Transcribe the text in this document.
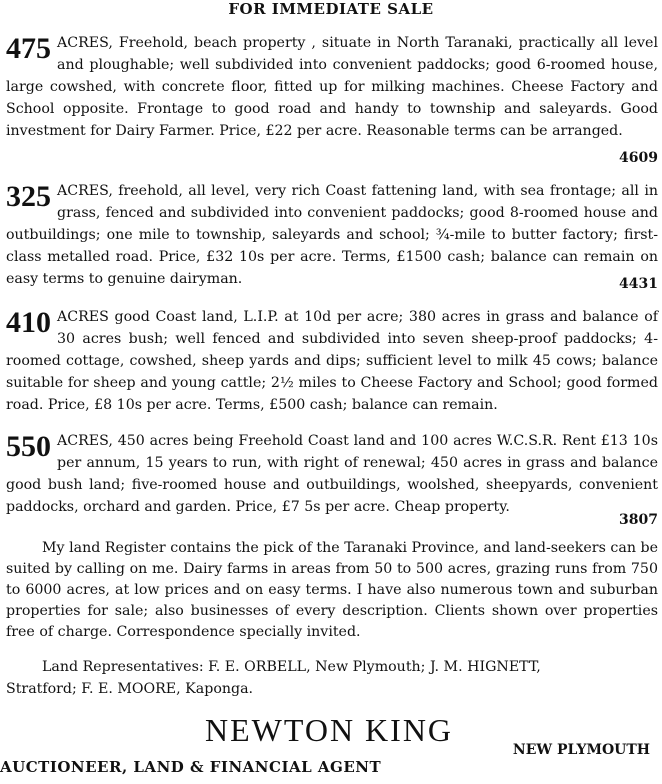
FOR IMMEDIATE SALE
475 ACRES, Freehold, beach property , situate in North Taranaki, practically all level and ploughable; well subdivided into convenient paddocks; good 6-roomed house, large cowshed, with concrete floor, fitted up for milking machines. Cheese Factory and School opposite. Frontage to good road and handy to township and saleyards. Good investment for Dairy Farmer. Price, £22 per acre. Reasonable terms can be arranged.
4609
325 ACRES, freehold, all level, very rich Coast fattening land, with sea frontage; all in grass, fenced and subdivided into convenient paddocks; good 8-roomed house and outbuildings; one mile to township, saleyards and school; ¾-mile to butter factory; first-class metalled road. Price, £32 10s per acre. Terms, £1500 cash; balance can remain on easy terms to genuine dairyman.	4431
410 ACRES good Coast land, L.I.P. at 10d per acre; 380 acres in grass and balance of 30 acres bush; well fenced and subdivided into seven sheep-proof paddocks; 4-roomed cottage, cowshed, sheep yards and dips; sufficient level to milk 45 cows; balance suitable for sheep and young cattle; 2½ miles to Cheese Factory and School; good formed road. Price, £8 10s per acre. Terms, £500 cash; balance can remain.
550 ACRES, 450 acres being Freehold Coast land and 100 acres W.C.S.R. Rent £13 10s per annum, 15 years to run, with right of renewal; 450 acres in grass and balance good bush land; five-roomed house and outbuildings, woolshed, sheepyards, convenient paddocks, orchard and garden. Price, £7 5s per acre. Cheap property.
3807
My land Register contains the pick of the Taranaki Province, and land-seekers can be suited by calling on me. Dairy farms in areas from 50 to 500 acres, grazing runs from 750 to 6000 acres, at low prices and on easy terms. I have also numerous town and suburban properties for sale; also businesses of every description. Clients shown over properties free of charge. Correspondence specially invited.
Land Representatives: F. E. ORBELL, New Plymouth; J. M. HIGNETT,
Stratford; F. E. MOORE, Kaponga.
NEWTON KING
NEW PLYMOUTH
AUCTIONEER, LAND & FINANCIAL AGENT
